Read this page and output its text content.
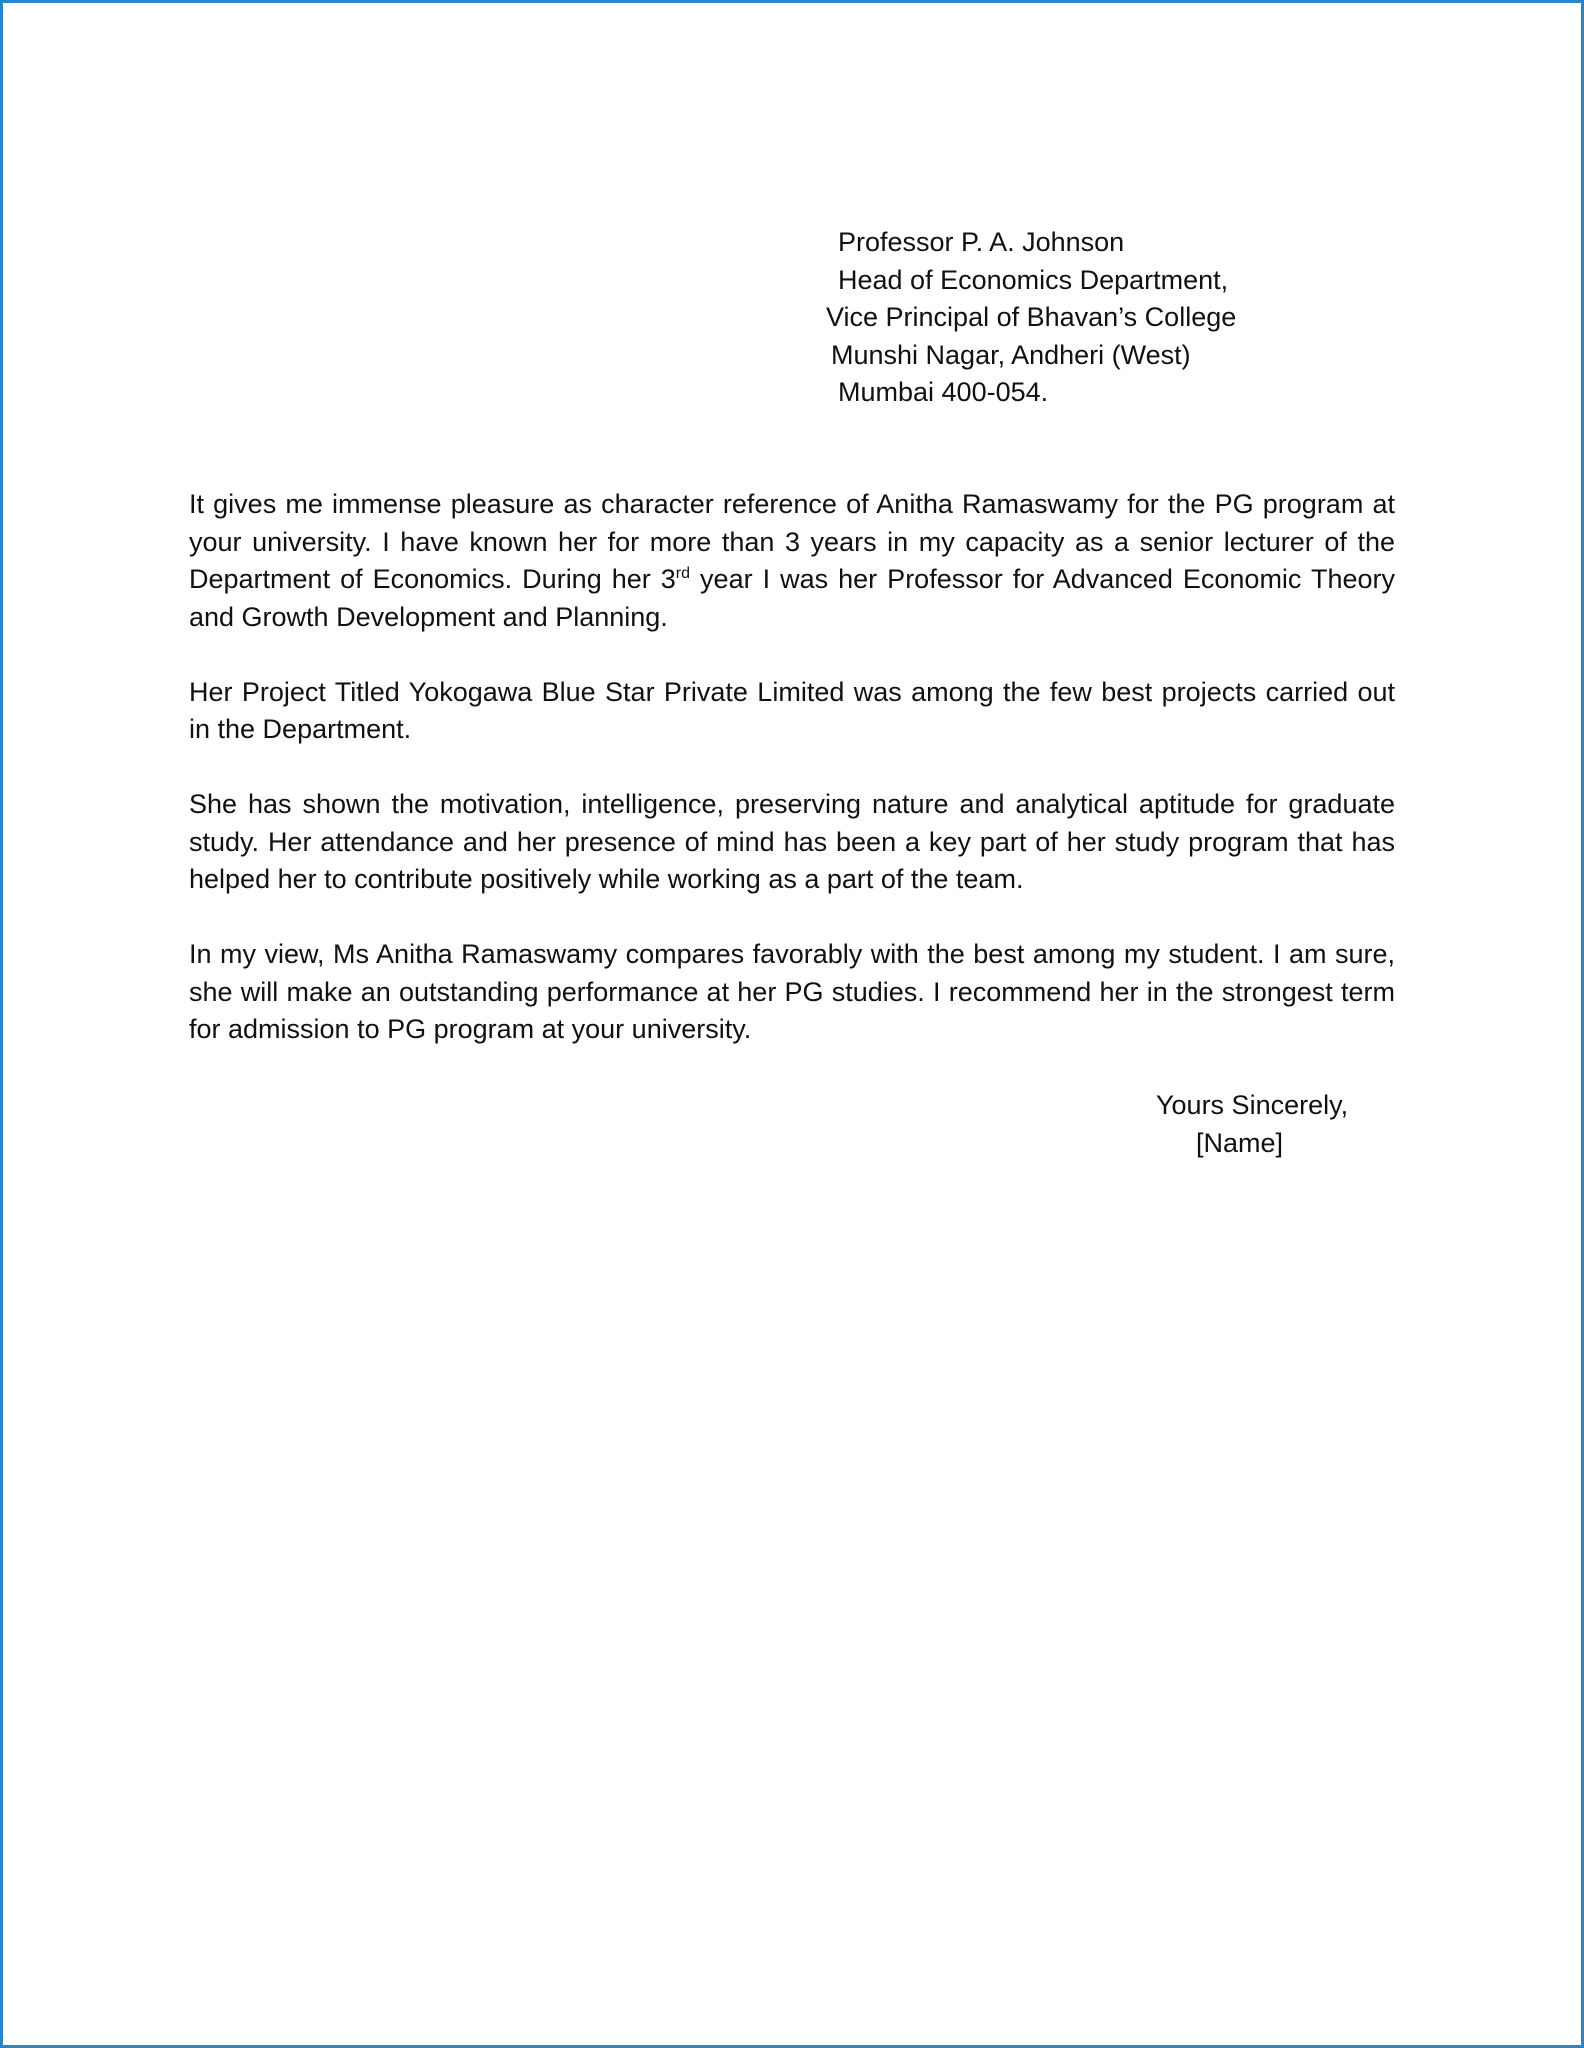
Professor P. A. Johnson
Head of Economics Department,
Vice Principal of Bhavan’s College
Munshi Nagar, Andheri (West)
Mumbai 400-054.

It gives me immense pleasure as character reference of Anitha Ramaswamy for the PG program at your university. I have known her for more than 3 years in my capacity as a senior lecturer of the Department of Economics. During her 3rd year I was her Professor for Advanced Economic Theory and Growth Development and Planning.

Her Project Titled Yokogawa Blue Star Private Limited was among the few best projects carried out in the Department.

She has shown the motivation, intelligence, preserving nature and analytical aptitude for graduate study. Her attendance and her presence of mind has been a key part of her study program that has helped her to contribute positively while working as a part of the team.

In my view, Ms Anitha Ramaswamy compares favorably with the best among my student. I am sure, she will make an outstanding performance at her PG studies. I recommend her in the strongest term for admission to PG program at your university.

Yours Sincerely,
[Name]
